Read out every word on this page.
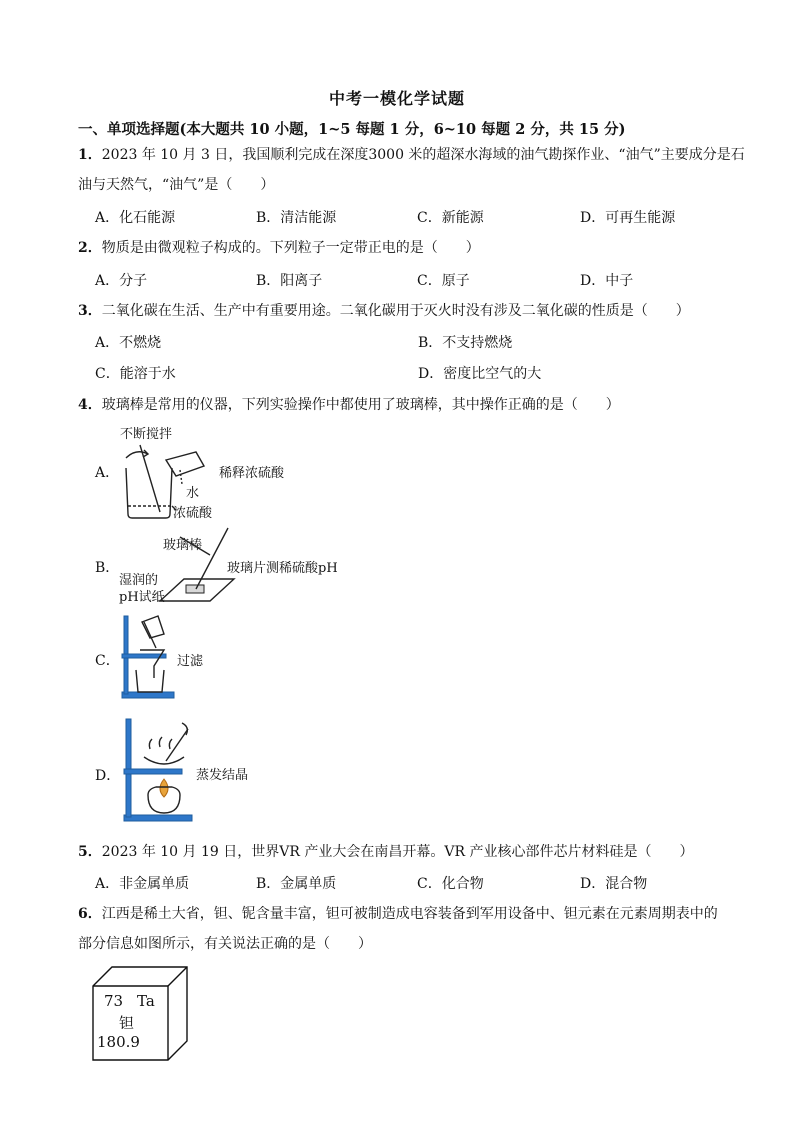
中考一模化学试题
一、单项选择题(本大题共 10 小题，1~5 每题 1 分，6~10 每题 2 分，共 15 分)
1．2023 年 10 月 3 日，我国顺利完成在深度3000 米的超深水海域的油气勘探作业、“油气”主要成分是石
油与天然气，“油气”是（　　）
A．化石能源	B．清洁能源	C．新能源	D．可再生能源
2．物质是由微观粒子构成的。下列粒子一定带正电的是（　　）
A．分子	B．阳离子	C．原子	D．中子
3．二氧化碳在生活、生产中有重要用途。二氧化碳用于灭火时没有涉及二氧化碳的性质是（　　）
A．不燃烧	B．不支持燃烧
C．能溶于水	D．密度比空气的大
4．玻璃棒是常用的仪器，下列实验操作中都使用了玻璃棒，其中操作正确的是（　　）
A．
不断搅拌
稀释浓硫酸
水
浓硫酸
B．
玻璃棒
玻璃片测稀硫酸pH
湿润的
pH试纸
C．	过滤
D．	蒸发结晶
5．2023 年 10 月 19 日，世界VR 产业大会在南昌开幕。VR 产业核心部件芯片材料硅是（　　）
A．非金属单质	B．金属单质	C．化合物	D．混合物
6．江西是稀土大省，钽、铌含量丰富，钽可被制造成电容装备到军用设备中、钽元素在元素周期表中的
部分信息如图所示，有关说法正确的是（　　）
73 Ta
钽
180.9
